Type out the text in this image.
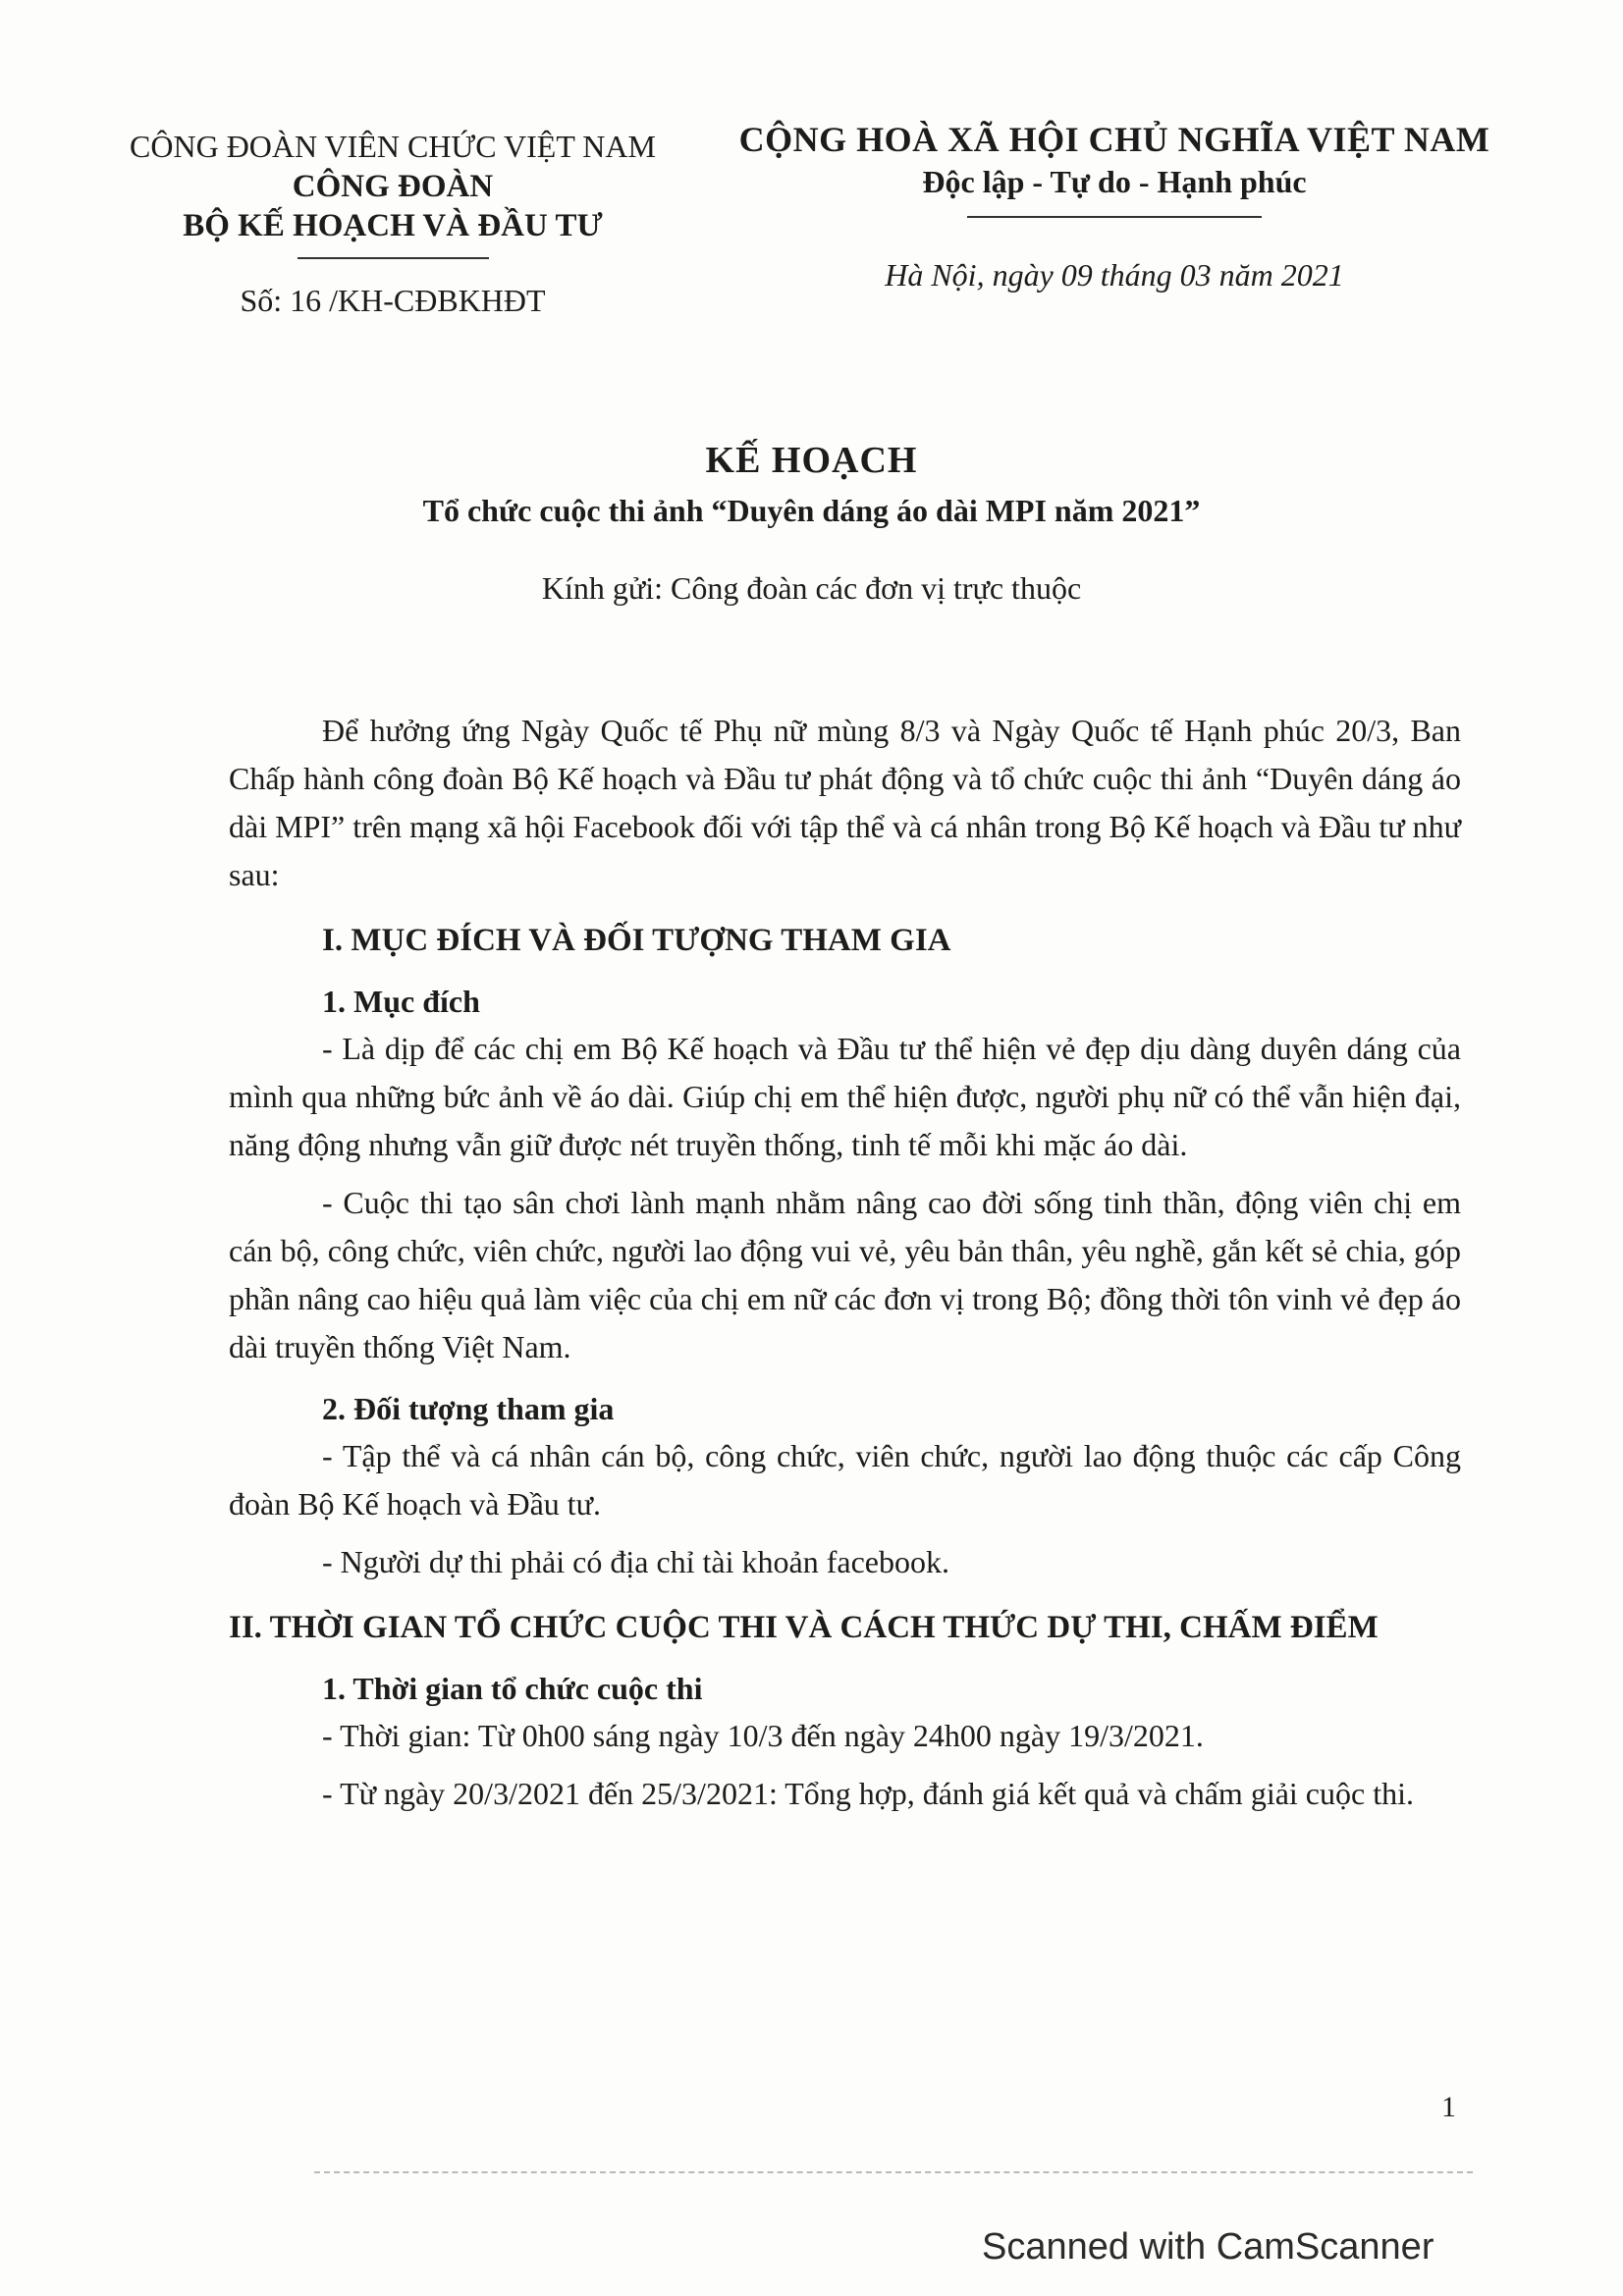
CÔNG ĐOÀN VIÊN CHỨC VIỆT NAM
CÔNG ĐOÀN
BỘ KẾ HOẠCH VÀ ĐẦU TƯ
Số: 16 /KH-CĐBKHĐT
CỘNG HOÀ XÃ HỘI CHỦ NGHĨA VIỆT NAM
Độc lập - Tự do - Hạnh phúc
Hà Nội, ngày 09 tháng 03 năm 2021
KẾ HOẠCH
Tổ chức cuộc thi ảnh “Duyên dáng áo dài MPI năm 2021”
Kính gửi: Công đoàn các đơn vị trực thuộc

Để hưởng ứng Ngày Quốc tế Phụ nữ mùng 8/3 và Ngày Quốc tế Hạnh phúc 20/3, Ban Chấp hành công đoàn Bộ Kế hoạch và Đầu tư phát động và tổ chức cuộc thi ảnh “Duyên dáng áo dài MPI” trên mạng xã hội Facebook đối với tập thể và cá nhân trong Bộ Kế hoạch và Đầu tư như sau:

I. MỤC ĐÍCH VÀ ĐỐI TƯỢNG THAM GIA

1. Mục đích

- Là dịp để các chị em Bộ Kế hoạch và Đầu tư thể hiện vẻ đẹp dịu dàng duyên dáng của mình qua những bức ảnh về áo dài. Giúp chị em thể hiện được, người phụ nữ có thể vẫn hiện đại, năng động nhưng vẫn giữ được nét truyền thống, tinh tế mỗi khi mặc áo dài.

- Cuộc thi tạo sân chơi lành mạnh nhằm nâng cao đời sống tinh thần, động viên chị em cán bộ, công chức, viên chức, người lao động vui vẻ, yêu bản thân, yêu nghề, gắn kết sẻ chia, góp phần nâng cao hiệu quả làm việc của chị em nữ các đơn vị trong Bộ; đồng thời tôn vinh vẻ đẹp áo dài truyền thống Việt Nam.

2. Đối tượng tham gia

- Tập thể và cá nhân cán bộ, công chức, viên chức, người lao động thuộc các cấp Công đoàn Bộ Kế hoạch và Đầu tư.

- Người dự thi phải có địa chỉ tài khoản facebook.

II. THỜI GIAN TỔ CHỨC CUỘC THI VÀ CÁCH THỨC DỰ THI, CHẤM ĐIỂM

1. Thời gian tổ chức cuộc thi

- Thời gian: Từ 0h00 sáng ngày 10/3 đến ngày 24h00 ngày 19/3/2021.

- Từ ngày 20/3/2021 đến 25/3/2021: Tổng hợp, đánh giá kết quả và chấm giải cuộc thi.

1
Scanned with CamScanner
